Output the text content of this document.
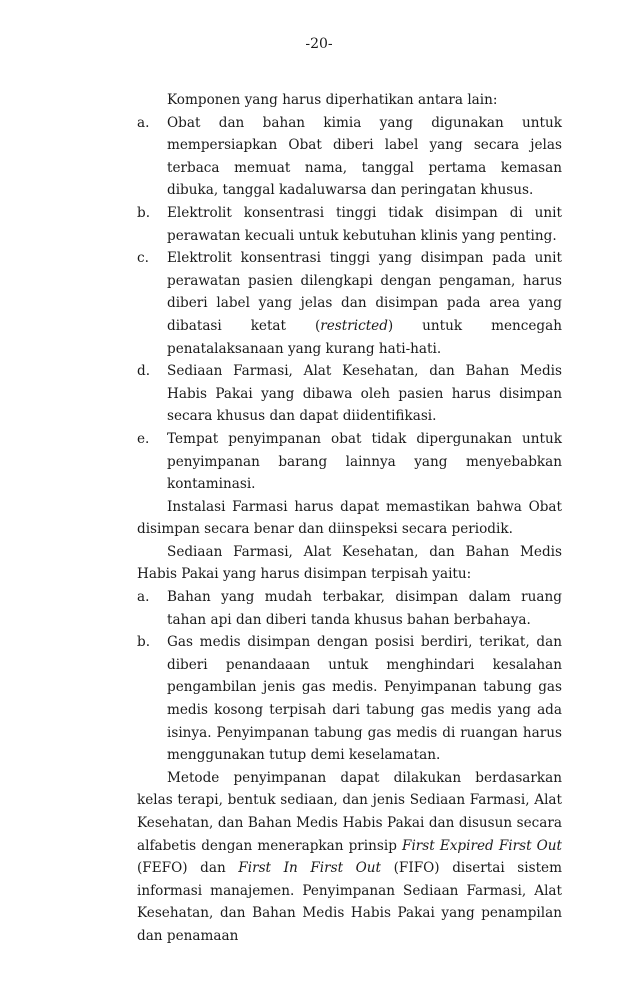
-20-

Komponen yang harus diperhatikan antara lain:

a.	Obat dan bahan kimia yang digunakan untuk mempersiapkan Obat diberi label yang secara jelas terbaca memuat nama, tanggal pertama kemasan dibuka, tanggal kadaluwarsa dan peringatan khusus.
b.	Elektrolit konsentrasi tinggi tidak disimpan di unit perawatan kecuali untuk kebutuhan klinis yang penting.
c.	Elektrolit konsentrasi tinggi yang disimpan pada unit perawatan pasien dilengkapi dengan pengaman, harus diberi label yang jelas dan disimpan pada area yang dibatasi ketat (restricted) untuk mencegah penatalaksanaan yang kurang hati-hati.
d.	Sediaan Farmasi, Alat Kesehatan, dan Bahan Medis Habis Pakai yang dibawa oleh pasien harus disimpan secara khusus dan dapat diidentifikasi.
e.	Tempat penyimpanan obat tidak dipergunakan untuk penyimpanan barang lainnya yang menyebabkan kontaminasi.

Instalasi Farmasi harus dapat memastikan bahwa Obat disimpan secara benar dan diinspeksi secara periodik.

Sediaan Farmasi, Alat Kesehatan, dan Bahan Medis Habis Pakai yang harus disimpan terpisah yaitu:

a.	Bahan yang mudah terbakar, disimpan dalam ruang tahan api dan diberi tanda khusus bahan berbahaya.
b.	Gas medis disimpan dengan posisi berdiri, terikat, dan diberi penandaaan untuk menghindari kesalahan pengambilan jenis gas medis. Penyimpanan tabung gas medis kosong terpisah dari tabung gas medis yang ada isinya. Penyimpanan tabung gas medis di ruangan harus menggunakan tutup demi keselamatan.

Metode penyimpanan dapat dilakukan berdasarkan kelas terapi, bentuk sediaan, dan jenis Sediaan Farmasi, Alat Kesehatan, dan Bahan Medis Habis Pakai dan disusun secara alfabetis dengan menerapkan prinsip First Expired First Out (FEFO) dan First In First Out (FIFO) disertai sistem informasi manajemen. Penyimpanan Sediaan Farmasi, Alat Kesehatan, dan Bahan Medis Habis Pakai yang penampilan dan penamaan
